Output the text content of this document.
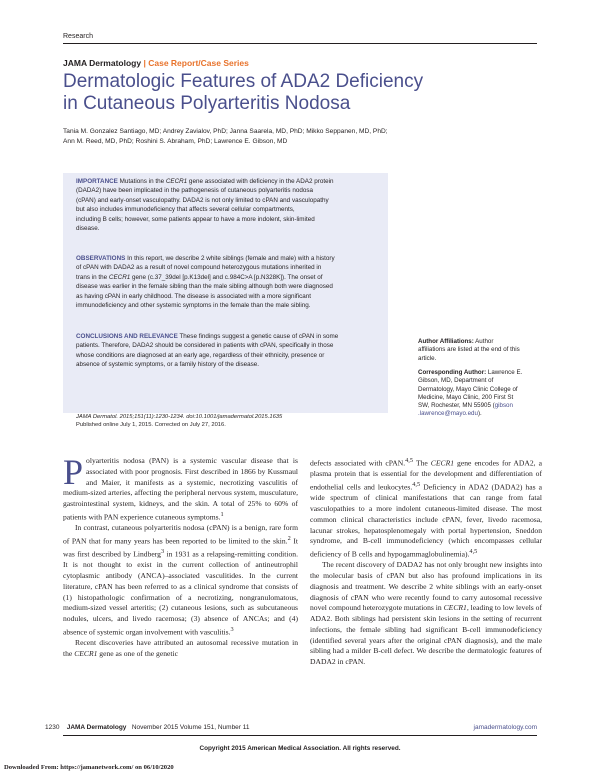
Research
JAMA Dermatology | Case Report/Case Series
Dermatologic Features of ADA2 Deficiency
in Cutaneous Polyarteritis Nodosa
Tania M. Gonzalez Santiago, MD; Andrey Zavialov, PhD; Janna Saarela, MD, PhD; Mikko Seppanen, MD, PhD;
Ann M. Reed, MD, PhD; Roshini S. Abraham, PhD; Lawrence E. Gibson, MD
IMPORTANCE Mutations in the CECR1 gene associated with deficiency in the ADA2 protein
(DADA2) have been implicated in the pathogenesis of cutaneous polyarteritis nodosa
(cPAN) and early-onset vasculopathy. DADA2 is not only limited to cPAN and vasculopathy
but also includes immunodeficiency that affects several cellular compartments,
including B cells; however, some patients appear to have a more indolent, skin-limited
disease.
OBSERVATIONS In this report, we describe 2 white siblings (female and male) with a history
of cPAN with DADA2 as a result of novel compound heterozygous mutations inherited in
trans in the CECR1 gene (c.37_39del [p.K13del] and c.984C>A [p.N328K]). The onset of
disease was earlier in the female sibling than the male sibling although both were diagnosed
as having cPAN in early childhood. The disease is associated with a more significant
immunodeficiency and other systemic symptoms in the female than the male sibling.
CONCLUSIONS AND RELEVANCE These findings suggest a genetic cause of cPAN in some
patients. Therefore, DADA2 should be considered in patients with cPAN, specifically in those
whose conditions are diagnosed at an early age, regardless of their ethnicity, presence or
absence of systemic symptoms, or a family history of the disease.
JAMA Dermatol. 2015;151(11):1230-1234. doi:10.1001/jamadermatol.2015.1635
Published online July 1, 2015. Corrected on July 27, 2016.
Author Affiliations: Author
affiliations are listed at the end of this
article.
Corresponding Author: Lawrence E.
Gibson, MD, Department of
Dermatology, Mayo Clinic College of
Medicine, Mayo Clinic, 200 First St
SW, Rochester, MN 55905 (gibson
.lawrence@mayo.edu).

Polyarteritis nodosa (PAN) is a systemic vascular disease that is associated with poor prognosis. First described in 1866 by Kussmaul and Maier, it manifests as a systemic, necrotizing vasculitis of medium-sized arteries, affecting the peripheral nervous system, musculature, gastrointestinal system, kidneys, and the skin. A total of 25% to 60% of patients with PAN experience cutaneous symptoms.$^1$

In contrast, cutaneous polyarteritis nodosa (cPAN) is a benign, rare form of PAN that for many years has been reported to be limited to the skin.$^2$ It was first described by Lindberg$^3$ in 1931 as a relapsing-remitting condition. It is not thought to exist in the current collection of antineutrophil cytoplasmic antibody (ANCA)–associated vasculitides. In the current literature, cPAN has been referred to as a clinical syndrome that consists of (1) histopathologic confirmation of a necrotizing, nongranulomatous, medium-sized vessel arteritis; (2) cutaneous lesions, such as subcutaneous nodules, ulcers, and livedo racemosa; (3) absence of ANCAs; and (4) absence of systemic organ involvement with vasculitis.$^3$

Recent discoveries have attributed an autosomal recessive mutation in the CECR1 gene as one of the genetic

defects associated with cPAN.$^{4,5}$ The CECR1 gene encodes for ADA2, a plasma protein that is essential for the development and differentiation of endothelial cells and leukocytes.$^{4,5}$ Deficiency in ADA2 (DADA2) has a wide spectrum of clinical manifestations that can range from fatal vasculopathies to a more indolent cutaneous-limited disease. The most common clinical characteristics include cPAN, fever, livedo racemosa, lacunar strokes, hepatosplenomegaly with portal hypertension, Sneddon syndrome, and B-cell immunodeficiency (which encompasses cellular deficiency of B cells and hypogammaglobulinemia).$^{4,5}$

The recent discovery of DADA2 has not only brought new insights into the molecular basis of cPAN but also has profound implications in its diagnosis and treatment. We describe 2 white siblings with an early-onset diagnosis of cPAN who were recently found to carry autosomal recessive novel compound heterozygote mutations in CECR1, leading to low levels of ADA2. Both siblings had persistent skin lesions in the setting of recurrent infections, the female sibling had significant B-cell immunodeficiency (identified several years after the original cPAN diagnosis), and the male sibling had a milder B-cell defect. We describe the dermatologic features of DADA2 in cPAN.

1230 JAMA Dermatology November 2015 Volume 151, Number 11	jamadermatology.com
Copyright 2015 American Medical Association. All rights reserved.
Downloaded From: https://jamanetwork.com/ on 06/10/2020
